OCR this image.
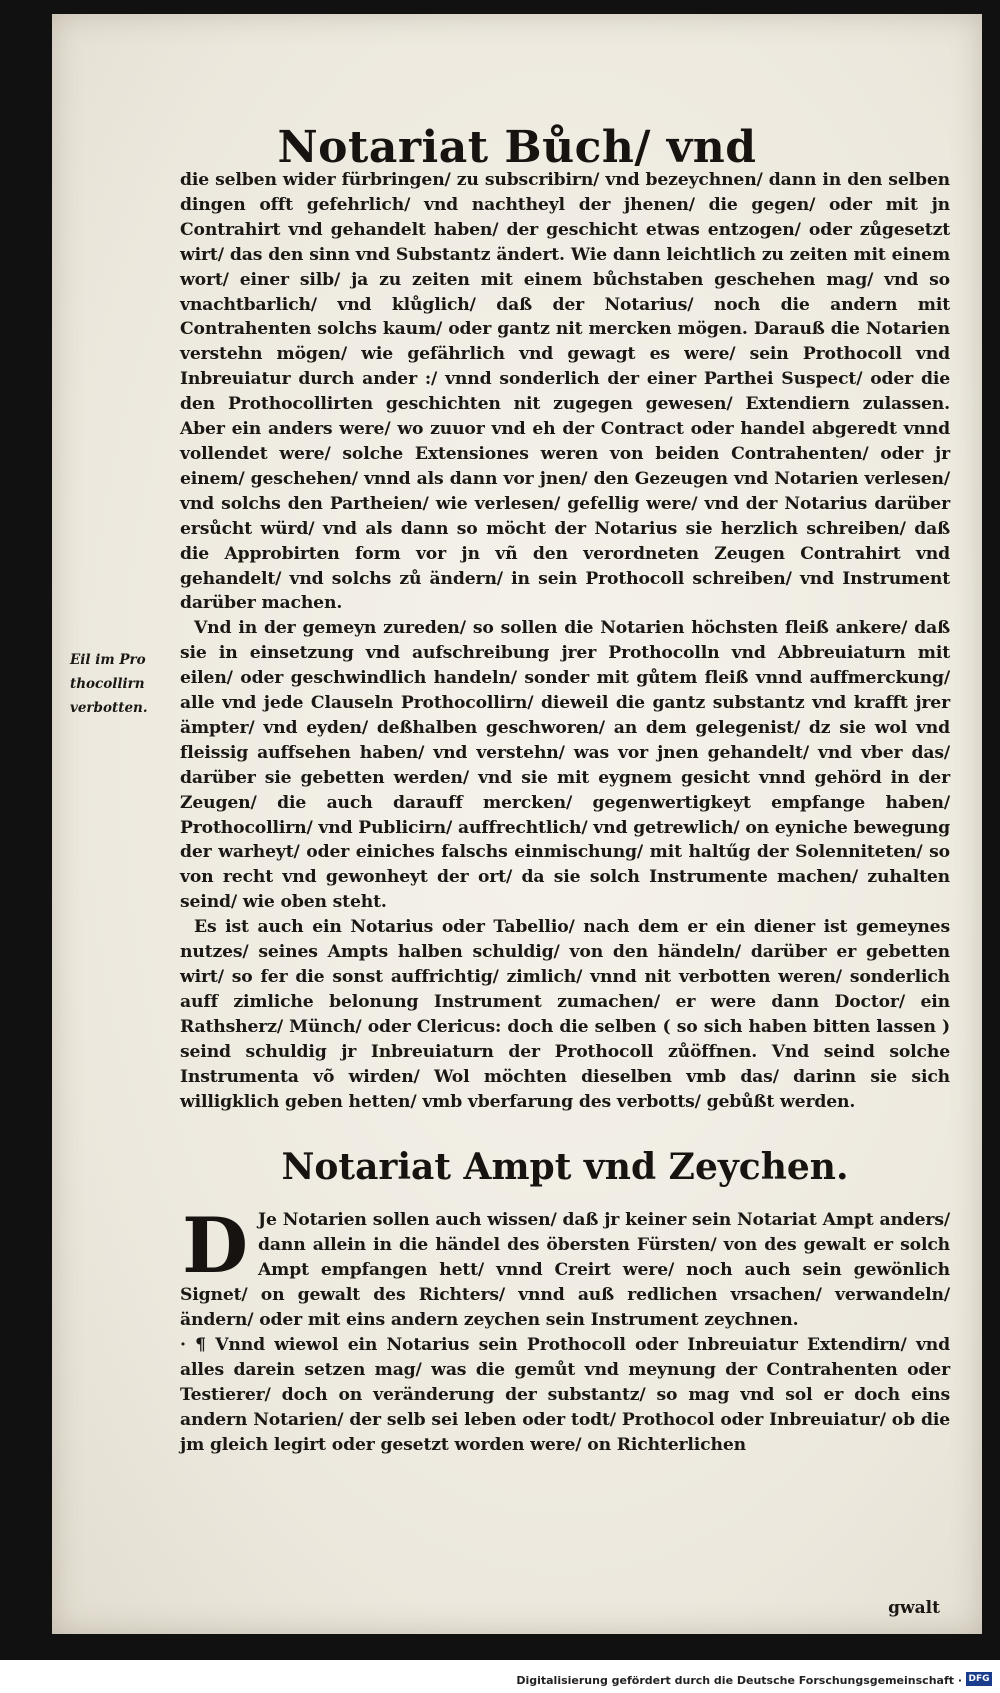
Notariat Bůch/ vnd

die selben wider fürbringen/ zu subscribirn/ vnd bezeychnen/ dann in den selben dingen offt gefehrlich/ vnd nachtheyl der jhenen/ die gegen/ oder mit jn Contrahirt vnd gehandelt haben/ der geschicht etwas entzogen/ oder zůgesetzt wirt/ das den sinn vnd Substantz ändert. Wie dann leichtlich zu zeiten mit einem wort/ einer silb/ ja zu zeiten mit einem bůchstaben geschehen mag/ vnd so vnachtbarlich/ vnd klůglich/ daß der Notarius/ noch die andern mit Contrahenten solchs kaum/ oder gantz nit mercken mögen. Darauß die Notarien verstehn mögen/ wie gefährlich vnd gewagt es were/ sein Prothocoll vnd Inbreuiatur durch ander :/ vnnd sonderlich der einer Parthei Suspect/ oder die den Prothocollirten geschichten nit zugegen gewesen/ Extendiern zulassen. Aber ein anders were/ wo zuuor vnd eh der Contract oder handel abgeredt vnnd vollendet were/ solche Extensiones weren von beiden Contrahenten/ oder jr einem/ geschehen/ vnnd als dann vor jnen/ den Gezeugen vnd Notarien verlesen/ vnd solchs den Partheien/ wie verlesen/ gefellig were/ vnd der Notarius darüber ersůcht würd/ vnd als dann so möcht der Notarius sie herzlich schreiben/ daß die Approbirten form vor jn vñ den verordneten Zeugen Contrahirt vnd gehandelt/ vnd solchs zů ändern/ in sein Prothocoll schreiben/ vnd Instrument darüber machen.

Vnd in der gemeyn zureden/ so sollen die Notarien höchsten fleiß ankere/ daß sie in einsetzung vnd aufschreibung jrer Prothocolln vnd Abbreuiaturn mit eilen/ oder geschwindlich handeln/ sonder mit gůtem fleiß vnnd auffmerckung/ alle vnd jede Clauseln Prothocollirn/ dieweil die gantz substantz vnd krafft jrer ämpter/ vnd eyden/ deßhalben geschworen/ an dem gelegenist/ dz sie wol vnd fleissig auffsehen haben/ vnd verstehn/ was vor jnen gehandelt/ vnd vber das/ darüber sie gebetten werden/ vnd sie mit eygnem gesicht vnnd gehörd in der Zeugen/ die auch darauff mercken/ gegenwertigkeyt empfange haben/ Prothocollirn/ vnd Publicirn/ auffrechtlich/ vnd getrewlich/ on eyniche bewegung der warheyt/ oder einiches falschs einmischung/ mit haltűg der Solenniteten/ so von recht vnd gewonheyt der ort/ da sie solch Instrumente machen/ zuhalten seind/ wie oben steht.

Es ist auch ein Notarius oder Tabellio/ nach dem er ein diener ist gemeynes nutzes/ seines Ampts halben schuldig/ von den händeln/ darüber er gebetten wirt/ so fer die sonst auffrichtig/ zimlich/ vnnd nit verbotten weren/ sonderlich auff zimliche belonung Instrument zumachen/ er were dann Doctor/ ein Rathsherz/ Münch/ oder Clericus: doch die selben ( so sich haben bitten lassen ) seind schuldig jr Inbreuiaturn der Prothocoll zůöffnen. Vnd seind solche Instrumenta võ wirden/ Wol möchten dieselben vmb das/ darinn sie sich willigklich geben hetten/ vmb vberfarung des verbotts/ gebůßt werden.

Eil im Pro
thocollirn
verbotten.
Notariat Ampt vnd Zeychen.

D Je Notarien sollen auch wissen/ daß jr keiner sein Notariat Ampt anders/ dann allein in die händel des öbersten Fürsten/ von des gewalt er solch Ampt empfangen hett/ vnnd Creirt were/ noch auch sein gewönlich Signet/ on gewalt des Richters/ vnnd auß redlichen vrsachen/ verwandeln/ ändern/ oder mit eins andern zeychen sein Instrument zeychnen.

· ¶ Vnnd wiewol ein Notarius sein Prothocoll oder Inbreuiatur Extendirn/ vnd alles darein setzen mag/ was die gemůt vnd meynung der Contrahenten oder Testierer/ doch on veränderung der substantz/ so mag vnd sol er doch eins andern Notarien/ der selb sei leben oder todt/ Prothocol oder Inbreuiatur/ ob die jm gleich legirt oder gesetzt worden were/ on Richterlichen

gwalt
Digitalisierung gefördert durch die Deutsche Forschungsgemeinschaft · DFG
